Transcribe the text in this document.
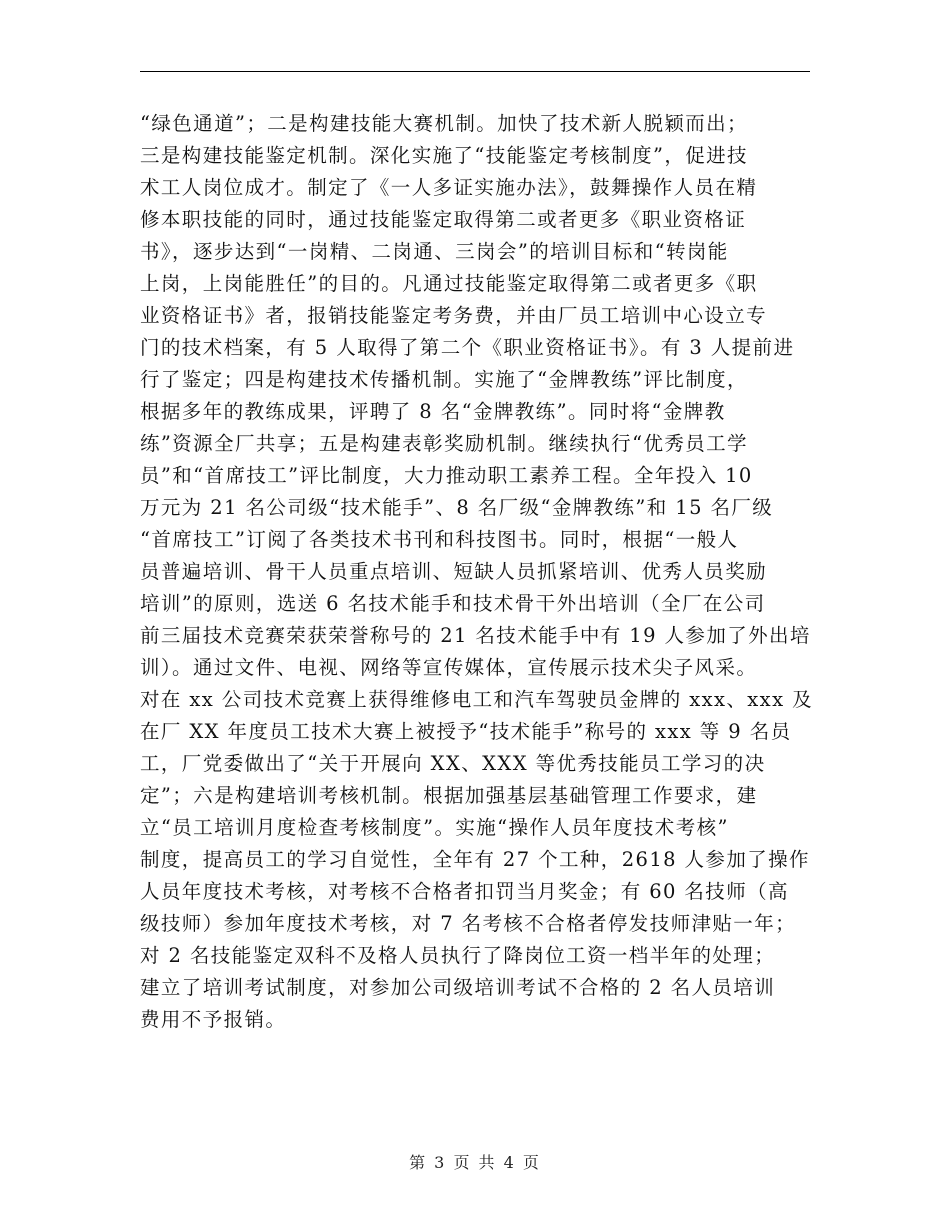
“绿色通道”；二是构建技能大赛机制。加快了技术新人脱颖而出；
三是构建技能鉴定机制。深化实施了“技能鉴定考核制度”，促进技
术工人岗位成才。制定了《一人多证实施办法》，鼓舞操作人员在精
修本职技能的同时，通过技能鉴定取得第二或者更多《职业资格证
书》，逐步达到“一岗精、二岗通、三岗会”的培训目标和“转岗能
上岗，上岗能胜任”的目的。凡通过技能鉴定取得第二或者更多《职
业资格证书》者，报销技能鉴定考务费，并由厂员工培训中心设立专
门的技术档案，有 5 人取得了第二个《职业资格证书》。有 3 人提前进
行了鉴定；四是构建技术传播机制。实施了“金牌教练”评比制度，
根据多年的教练成果，评聘了 8 名“金牌教练”。同时将“金牌教
练”资源全厂共享；五是构建表彰奖励机制。继续执行“优秀员工学
员”和“首席技工”评比制度，大力推动职工素养工程。全年投入 10
万元为 21 名公司级“技术能手”、8 名厂级“金牌教练”和 15 名厂级
“首席技工”订阅了各类技术书刊和科技图书。同时，根据“一般人
员普遍培训、骨干人员重点培训、短缺人员抓紧培训、优秀人员奖励
培训”的原则，选送 6 名技术能手和技术骨干外出培训（全厂在公司
前三届技术竞赛荣获荣誉称号的 21 名技术能手中有 19 人参加了外出培
训）。通过文件、电视、网络等宣传媒体，宣传展示技术尖子风采。
对在 xx 公司技术竞赛上获得维修电工和汽车驾驶员金牌的 xxx、xxx 及
在厂 XX 年度员工技术大赛上被授予“技术能手”称号的 xxx 等 9 名员
工，厂党委做出了“关于开展向 XX、XXX 等优秀技能员工学习的决
定”；六是构建培训考核机制。根据加强基层基础管理工作要求，建
立“员工培训月度检查考核制度”。实施“操作人员年度技术考核”
制度，提高员工的学习自觉性，全年有 27 个工种，2618 人参加了操作
人员年度技术考核，对考核不合格者扣罚当月奖金；有 60 名技师（高
级技师）参加年度技术考核，对 7 名考核不合格者停发技师津贴一年；
对 2 名技能鉴定双科不及格人员执行了降岗位工资一档半年的处理；
建立了培训考试制度，对参加公司级培训考试不合格的 2 名人员培训
费用不予报销。
第 3 页 共 4 页
